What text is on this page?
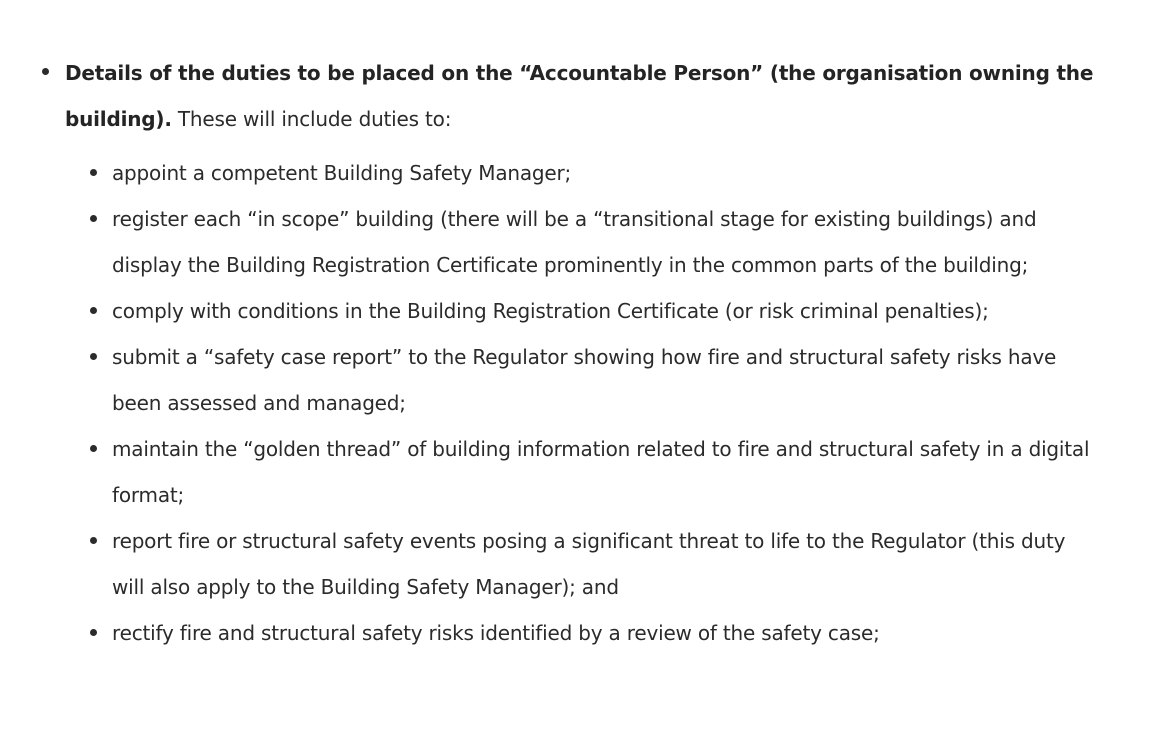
Details of the duties to be placed on the “Accountable Person” (the organisation owning the building). These will include duties to:
appoint a competent Building Safety Manager;
register each “in scope” building (there will be a “transitional stage for existing buildings) and display the Building Registration Certificate prominently in the common parts of the building;
comply with conditions in the Building Registration Certificate (or risk criminal penalties);
submit a “safety case report” to the Regulator showing how fire and structural safety risks have been assessed and managed;
maintain the “golden thread” of building information related to fire and structural safety in a digital format;
report fire or structural safety events posing a significant threat to life to the Regulator (this duty will also apply to the Building Safety Manager); and
rectify fire and structural safety risks identified by a review of the safety case;
